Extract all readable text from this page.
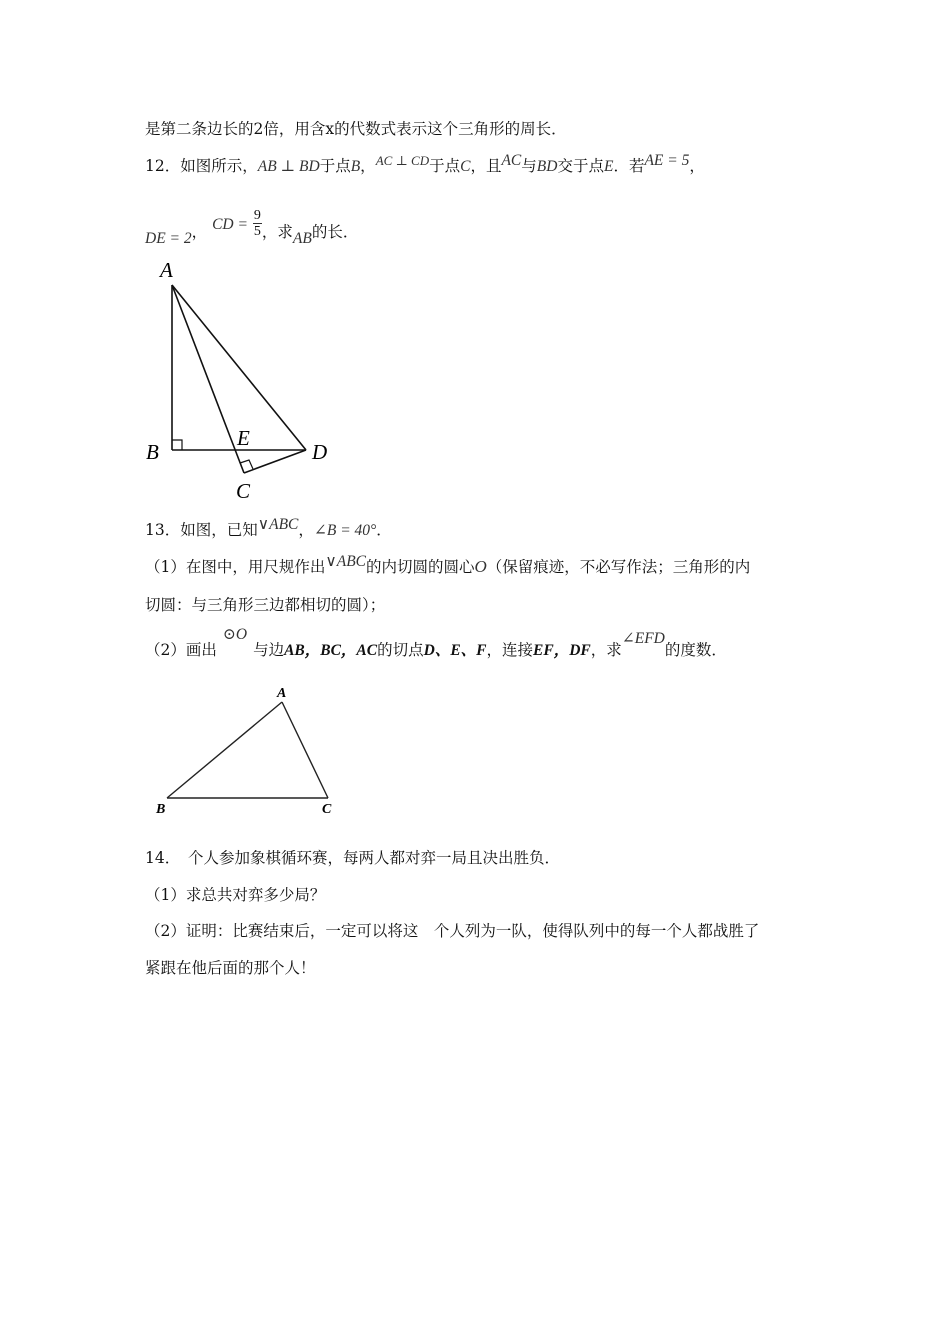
是第二条边长的2倍，用含x的代数式表示这个三角形的周长．
12．如图所示，AB ⊥ BD于点B，$^{AC \perp CD}$于点C，且AC与BD交于点E．若AE = 5，
DE = 2， CD = $\frac{9}{5}$ ，求AB的长．
A
B
E
D
C
13．如图，已知∨ABC，∠B = 40°．
（1）在图中，用尺规作出∨ABC的内切圆的圆心O（保留痕迹，不必写作法；三角形的内
切圆：与三角形三边都相切的圆）；
（2）画出⊙O与边AB，BC，AC的切点D、E、F，连接EF，DF，求∠EFD的度数．
A
B	C
14．　个人参加象棋循环赛，每两人都对弈一局且决出胜负．
（1）求总共对弈多少局？
（2）证明：比赛结束后，一定可以将这　个人列为一队，使得队列中的每一个人都战胜了
紧跟在他后面的那个人！
